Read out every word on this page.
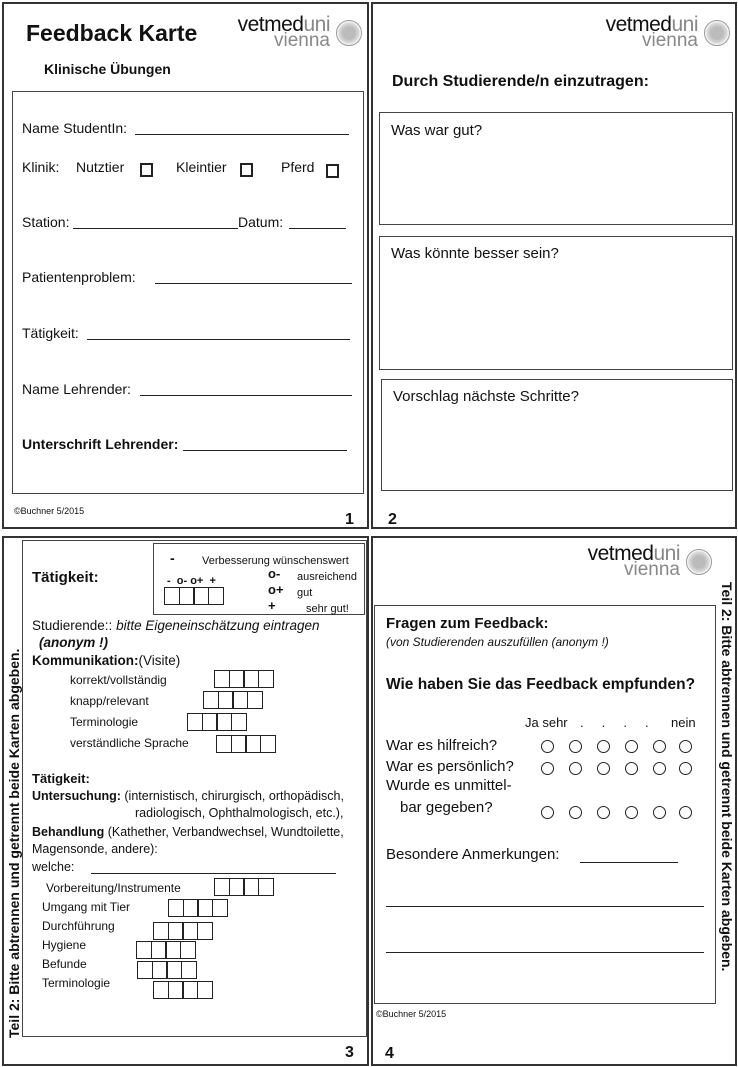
Feedback Karte vetmeduni
vienna
Klinische Übungen
Name StudentIn:
Klinik: Nutztier	Kleintier	Pferd
Station:	Datum:
Patientenproblem:
Tätigkeit:
Name Lehrender:
Unterschrift Lehrender:
©Buchner 5/2015	1
vetmeduni
vienna
Durch Studierende/n einzutragen:
Was war gut?
Was könnte besser sein?
Vorschlag nächste Schritte?
2
Teil 2: Bitte abtrennen und getrennt beide Karten abgeben.
Tätigkeit:
- Verbesserung wünschenswert
-  o- o+  +	o- ausreichend
o+ gut
+	sehr gut!
Studierende:: bitte Eigeneinschätzung eintragen
(anonym !)
Kommunikation:(Visite)
korrekt/vollständig
knapp/relevant
Terminologie
verständliche Sprache
Tätigkeit:
Untersuchung: (internistisch, chirurgisch, orthopädisch,
radiologisch, Ophthalmologisch, etc.),
Behandlung (Kathether, Verbandwechsel, Wundtoilette,
Magensonde, andere):
welche:
Vorbereitung/Instrumente
Umgang mit Tier
Durchführung
Hygiene
Befunde
Terminologie
3
vetmeduni
vienna
Teil 2: Bitte abtrennen und getrennt beide Karten abgeben.
Fragen zum Feedback:
(von Studierenden auszufüllen (anonym !)
Wie haben Sie das Feedback empfunden?
Ja sehr .     .     .     . nein
War es hilfreich?
War es persönlich?
Wurde es unmittel-
bar gegeben?
Besondere Anmerkungen:
©Buchner 5/2015
4
